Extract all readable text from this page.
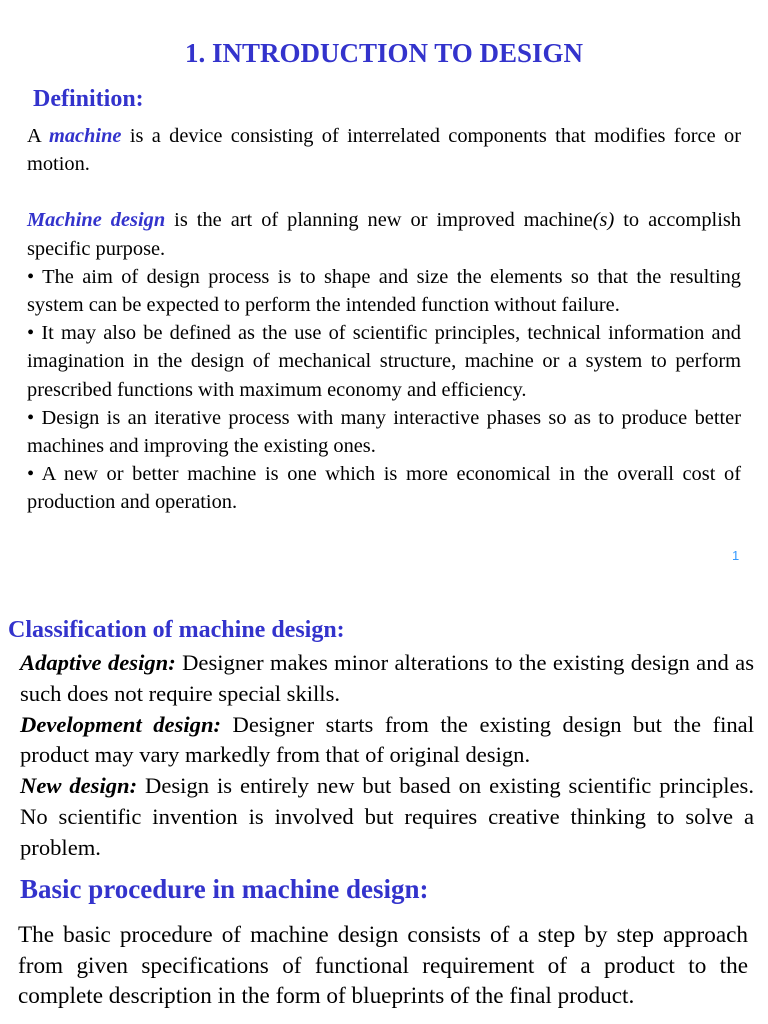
1. INTRODUCTION TO DESIGN
Definition:

A machine is a device consisting of interrelated components that modifies force or motion.

Machine design is the art of planning new or improved machine(s) to accomplish specific purpose.

• The aim of design process is to shape and size the elements so that the resulting system can be expected to perform the intended function without failure.

• It may also be defined as the use of scientific principles, technical information and imagination in the design of mechanical structure, machine or a system to perform prescribed functions with maximum economy and efficiency.

• Design is an iterative process with many interactive phases so as to produce better machines and improving the existing ones.

• A new or better machine is one which is more economical in the overall cost of production and operation.

1
Classification of machine design:

Adaptive design: Designer makes minor alterations to the existing design and as such does not require special skills.

Development design: Designer starts from the existing design but the final product may vary markedly from that of original design.

New design: Design is entirely new but based on existing scientific principles. No scientific invention is involved but requires creative thinking to solve a problem.

Basic procedure in machine design:

The basic procedure of machine design consists of a step by step approach from given specifications of functional requirement of a product to the complete description in the form of blueprints of the final product.
